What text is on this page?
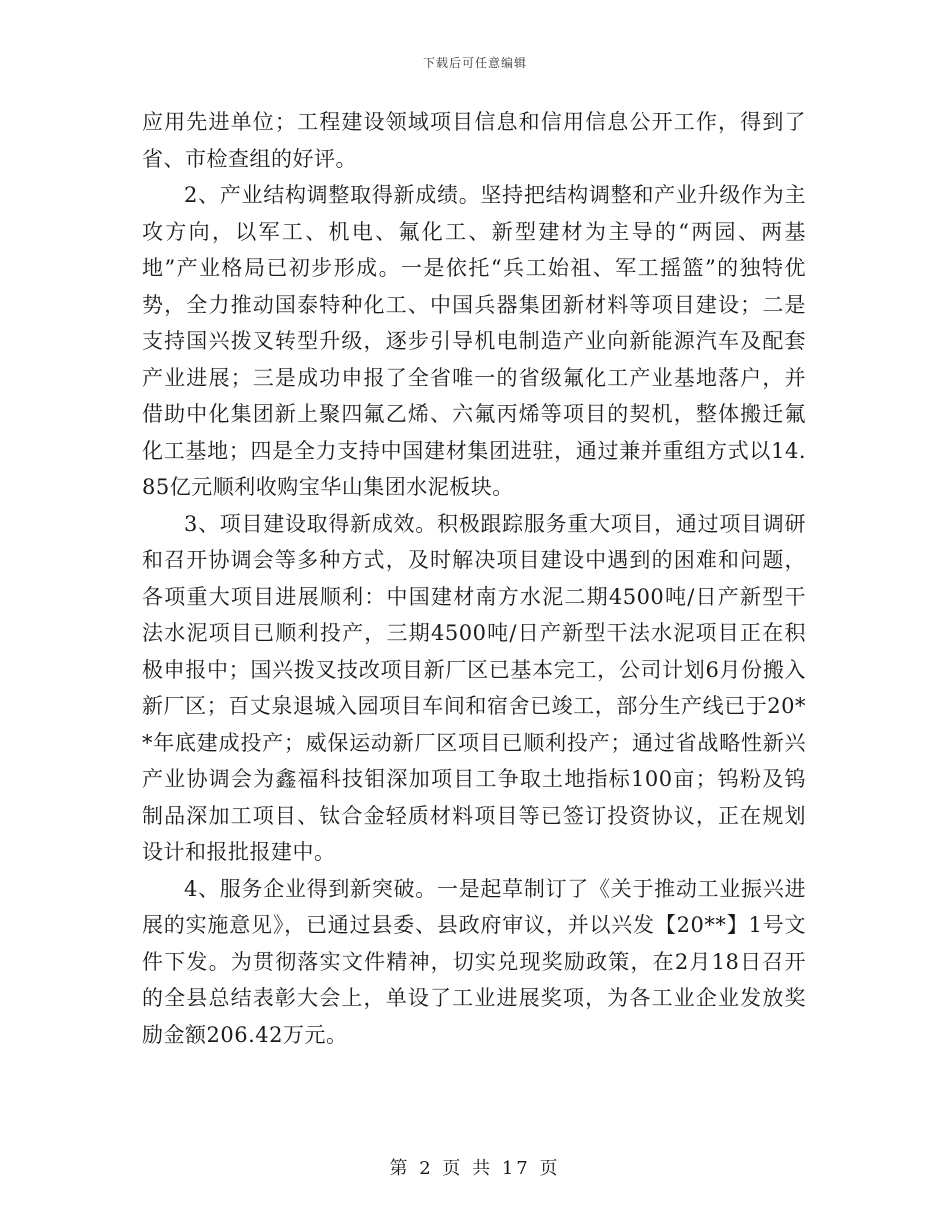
下载后可任意编辑

应用先进单位；工程建设领域项目信息和信用信息公开工作，得到了省、市检查组的好评。

2、产业结构调整取得新成绩。坚持把结构调整和产业升级作为主攻方向，以军工、机电、氟化工、新型建材为主导的“两园、两基地”产业格局已初步形成。一是依托“兵工始祖、军工摇篮”的独特优势，全力推动国泰特种化工、中国兵器集团新材料等项目建设；二是支持国兴拨叉转型升级，逐步引导机电制造产业向新能源汽车及配套产业进展；三是成功申报了全省唯一的省级氟化工产业基地落户，并借助中化集团新上聚四氟乙烯、六氟丙烯等项目的契机，整体搬迁氟化工基地；四是全力支持中国建材集团进驻，通过兼并重组方式以14.85亿元顺利收购宝华山集团水泥板块。

3、项目建设取得新成效。积极跟踪服务重大项目，通过项目调研和召开协调会等多种方式，及时解决项目建设中遇到的困难和问题，各项重大项目进展顺利：中国建材南方水泥二期4500吨/日产新型干法水泥项目已顺利投产，三期4500吨/日产新型干法水泥项目正在积极申报中；国兴拨叉技改项目新厂区已基本完工，公司计划6月份搬入新厂区；百丈泉退城入园项目车间和宿舍已竣工，部分生产线已于20**年底建成投产；威保运动新厂区项目已顺利投产；通过省战略性新兴产业协调会为鑫福科技钼深加项目工争取土地指标100亩；钨粉及钨制品深加工项目、钛合金轻质材料项目等已签订投资协议，正在规划设计和报批报建中。

4、服务企业得到新突破。一是起草制订了《关于推动工业振兴进展的实施意见》，已通过县委、县政府审议，并以兴发【20**】1号文件下发。为贯彻落实文件精神，切实兑现奖励政策，在2月18日召开的全县总结表彰大会上，单设了工业进展奖项，为各工业企业发放奖励金额206.42万元。

第 2 页 共 17 页
